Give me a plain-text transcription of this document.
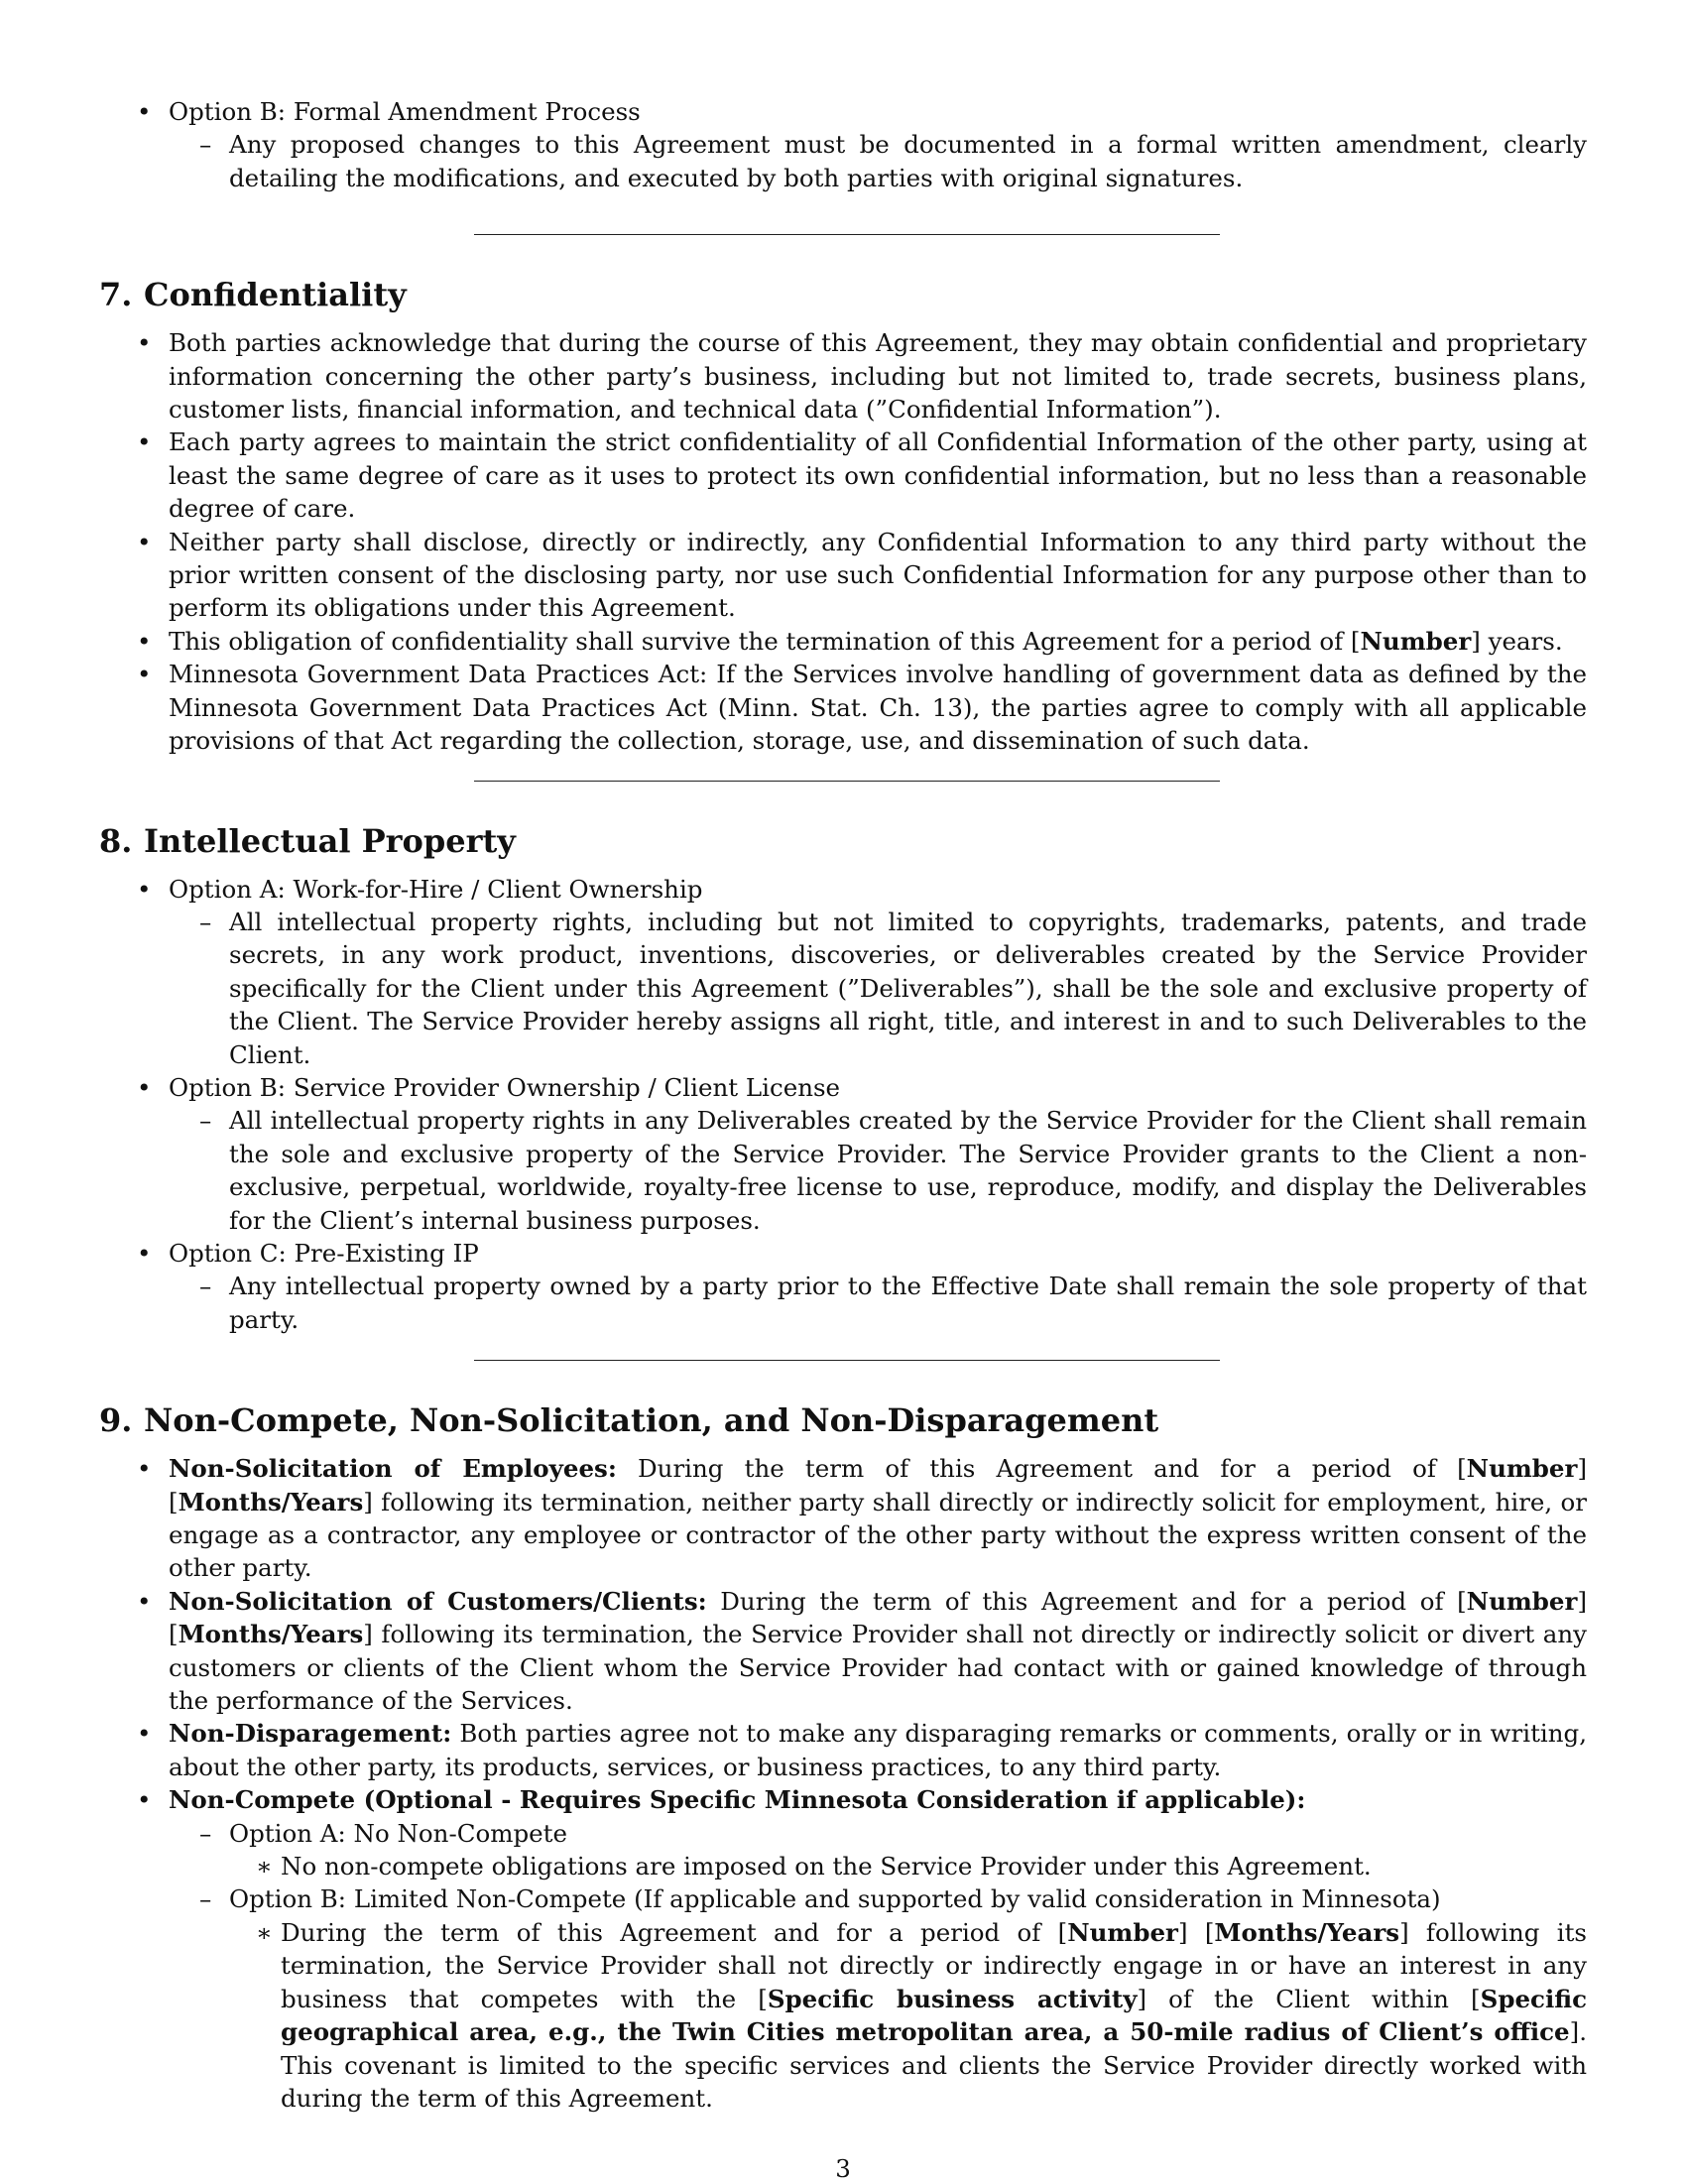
• Option B: Formal Amendment Process
– Any proposed changes to this Agreement must be documented in a formal written amendment, clearly detailing the modifications, and executed by both parties with original signatures.
7. Confidentiality
• Both parties acknowledge that during the course of this Agreement, they may obtain confidential and proprietary information concerning the other party’s business, including but not limited to, trade secrets, business plans, customer lists, financial information, and technical data (”Confidential Information”).
• Each party agrees to maintain the strict confidentiality of all Confidential Information of the other party, using at least the same degree of care as it uses to protect its own confidential information, but no less than a reasonable degree of care.
• Neither party shall disclose, directly or indirectly, any Confidential Information to any third party without the prior written consent of the disclosing party, nor use such Confidential Information for any purpose other than to perform its obligations under this Agreement.
• This obligation of confidentiality shall survive the termination of this Agreement for a period of [Number] years.
• Minnesota Government Data Practices Act: If the Services involve handling of government data as defined by the Minnesota Government Data Practices Act (Minn. Stat. Ch. 13), the parties agree to comply with all applicable provisions of that Act regarding the collection, storage, use, and dissemination of such data.
8. Intellectual Property
• Option A: Work-for-Hire / Client Ownership
– All intellectual property rights, including but not limited to copyrights, trademarks, patents, and trade secrets, in any work product, inventions, discoveries, or deliverables created by the Service Provider specifically for the Client under this Agreement (”Deliverables”), shall be the sole and exclusive property of the Client. The Service Provider hereby assigns all right, title, and interest in and to such Deliverables to the Client.
• Option B: Service Provider Ownership / Client License
– All intellectual property rights in any Deliverables created by the Service Provider for the Client shall remain the sole and exclusive property of the Service Provider. The Service Provider grants to the Client a non-exclusive, perpetual, worldwide, royalty-free license to use, reproduce, modify, and display the Deliverables for the Client’s internal business purposes.
• Option C: Pre-Existing IP
– Any intellectual property owned by a party prior to the Effective Date shall remain the sole property of that party.
9. Non-Compete, Non-Solicitation, and Non-Disparagement
• Non-Solicitation of Employees: During the term of this Agreement and for a period of [Number] [Months/Years] following its termination, neither party shall directly or indirectly solicit for employment, hire, or engage as a contractor, any employee or contractor of the other party without the express written consent of the other party.
• Non-Solicitation of Customers/Clients: During the term of this Agreement and for a period of [Number] [Months/Years] following its termination, the Service Provider shall not directly or indirectly solicit or divert any customers or clients of the Client whom the Service Provider had contact with or gained knowledge of through the performance of the Services.
• Non-Disparagement: Both parties agree not to make any disparaging remarks or comments, orally or in writing, about the other party, its products, services, or business practices, to any third party.
• Non-Compete (Optional - Requires Specific Minnesota Consideration if applicable):
– Option A: No Non-Compete
∗ No non-compete obligations are imposed on the Service Provider under this Agreement.
– Option B: Limited Non-Compete (If applicable and supported by valid consideration in Minnesota)
∗ During the term of this Agreement and for a period of [Number] [Months/Years] following its termination, the Service Provider shall not directly or indirectly engage in or have an interest in any business that competes with the [Specific business activity] of the Client within [Specific geographical area, e.g., the Twin Cities metropolitan area, a 50-mile radius of Client’s office]. This covenant is limited to the specific services and clients the Service Provider directly worked with during the term of this Agreement.
3
